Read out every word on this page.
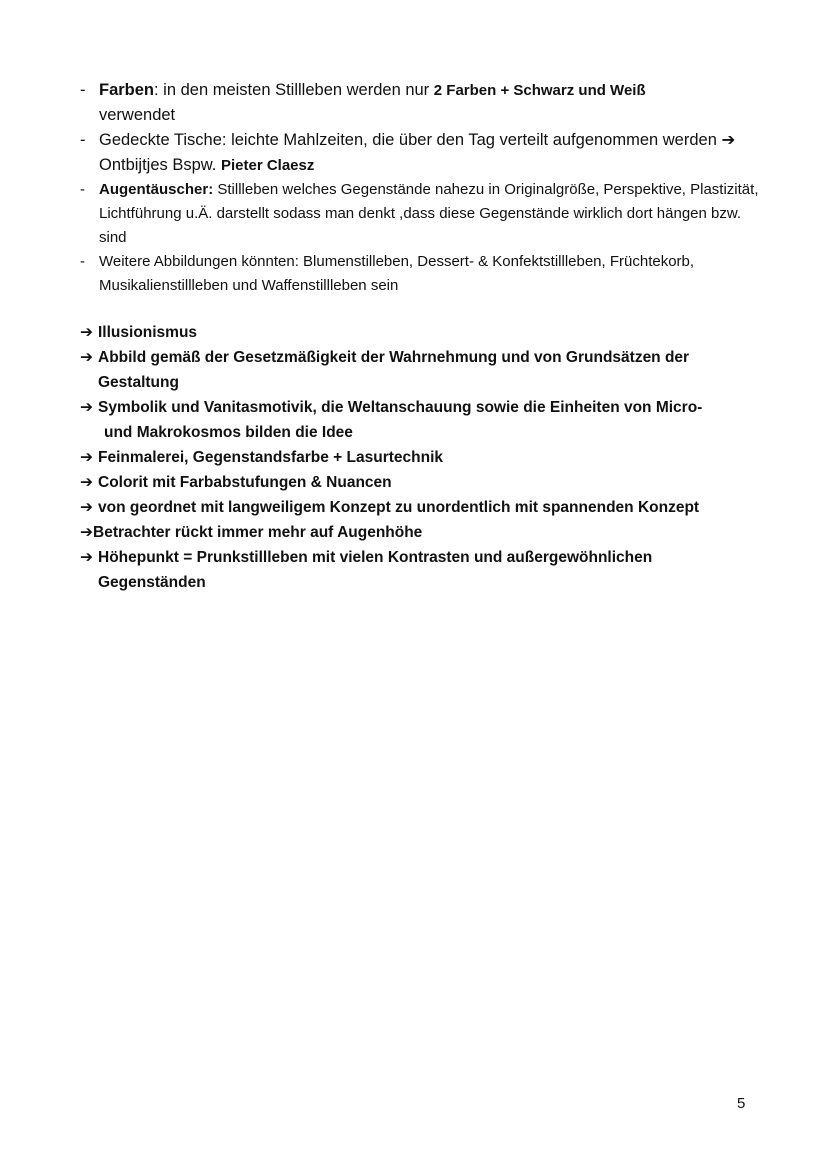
- Farben: in den meisten Stillleben werden nur 2 Farben + Schwarz und Weiß
verwendet
- Gedeckte Tische: leichte Mahlzeiten, die über den Tag verteilt aufgenommen werden ➔ Ontbijtjes Bspw. Pieter Claesz
- Augentäuscher: Stillleben welches Gegenstände nahezu in Originalgröße, Perspektive, Plastizität, Lichtführung u.Ä. darstellt sodass man denkt ,dass diese Gegenstände wirklich dort hängen bzw. sind
- Weitere Abbildungen könnten: Blumenstilleben, Dessert- & Konfektstillleben, Früchtekorb, Musikalienstillleben und Waffenstillleben sein
➔ Illusionismus
➔ Abbild gemäß der Gesetzmäßigkeit der Wahrnehmung und von Grundsätzen der
Gestaltung
➔ Symbolik und Vanitasmotivik, die Weltanschauung sowie die Einheiten von Micro-
und Makrokosmos bilden die Idee
➔ Feinmalerei, Gegenstandsfarbe + Lasurtechnik
➔ Colorit mit Farbabstufungen & Nuancen
➔ von geordnet mit langweiligem Konzept zu unordentlich mit spannenden Konzept
➔ Betrachter rückt immer mehr auf Augenhöhe
➔ Höhepunkt = Prunkstillleben mit vielen Kontrasten und außergewöhnlichen
Gegenständen
5
